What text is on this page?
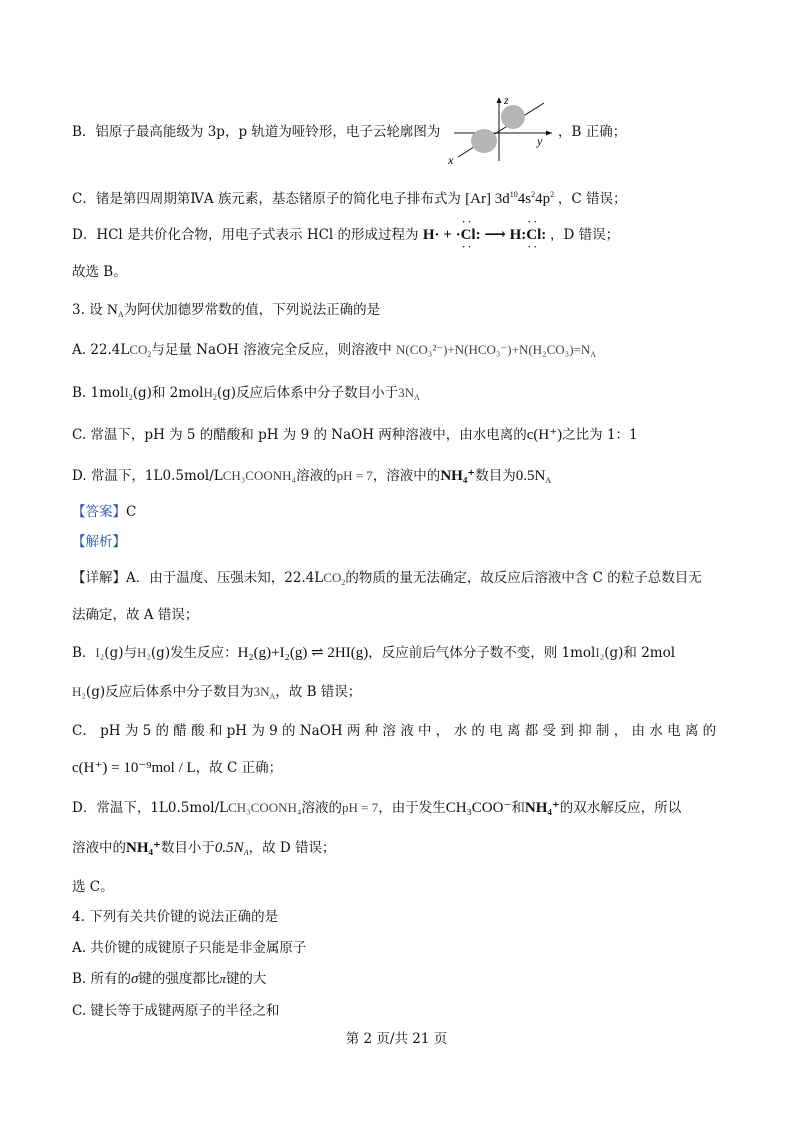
B．铝原子最高能级为 3p，p 轨道为哑铃形，电子云轮廓图为
z
y
x
，B 正确；
C．锗是第四周期第ⅣA 族元素，基态锗原子的简化电子排布式为 [Ar] $3d^{10}4s^24p^2$ ，C 错误；
D．HCl 是共价化合物，用电子式表示 HCl 的形成过程为 H· +
··
·Cl:
··
⟶ H
··
:Cl:
··
，D 错误；
故选 B。
3. 设 $N_A$为阿伏加德罗常数的值，下列说法正确的是
A. $22.4LCO_2$与足量 NaOH 溶液完全反应，则溶液中 $N(CO_3^{2-})+N(HCO_3^-)+N(H_2CO_3)=N_A$
B. 1molI$_2$(g)和 2molH$_2$(g)反应后体系中分子数目小于$3N_A$
C. 常温下，pH 为 5 的醋酸和 pH 为 9 的 NaOH 两种溶液中，由水电离的c(H⁺)之比为 1：1
D. 常温下，1L0.5mol/LCH₃COONH₄溶液的pH = 7，溶液中的NH₄⁺数目为$0.5N_A$
【答案】C
【解析】
【详解】A．由于温度、压强未知，$22.4LCO_2$的物质的量无法确定，故反应后溶液中含 C 的粒子总数目无
法确定，故 A 错误；
B．I₂(g)与H₂(g)发生反应：H₂(g)+I₂(g) ⇌ 2HI(g)，反应前后气体分子数不变，则 1molI₂(g)和 2mol
H₂(g)反应后体系中分子数目为$3N_A$，故 B 错误；
C． pH 为 5 的 醋 酸 和 pH 为 9 的 NaOH 两 种 溶 液 中 ， 水 的 电 离 都 受 到 抑 制 ， 由 水 电 离 的
c(H⁺) = 10⁻⁹mol / L，故 C 正确；
D．常温下，1L0.5mol/LCH₃COONH₄溶液的pH = 7，由于发生CH₃COO⁻和NH₄⁺的双水解反应，所以
溶液中的NH₄⁺数目小于$0.5N_A$，故 D 错误；
选 C。
4. 下列有关共价键的说法正确的是
A. 共价键的成键原子只能是非金属原子
B. 所有的σ键的强度都比π键的大
C. 键长等于成键两原子的半径之和
第 2 页/共 21 页
